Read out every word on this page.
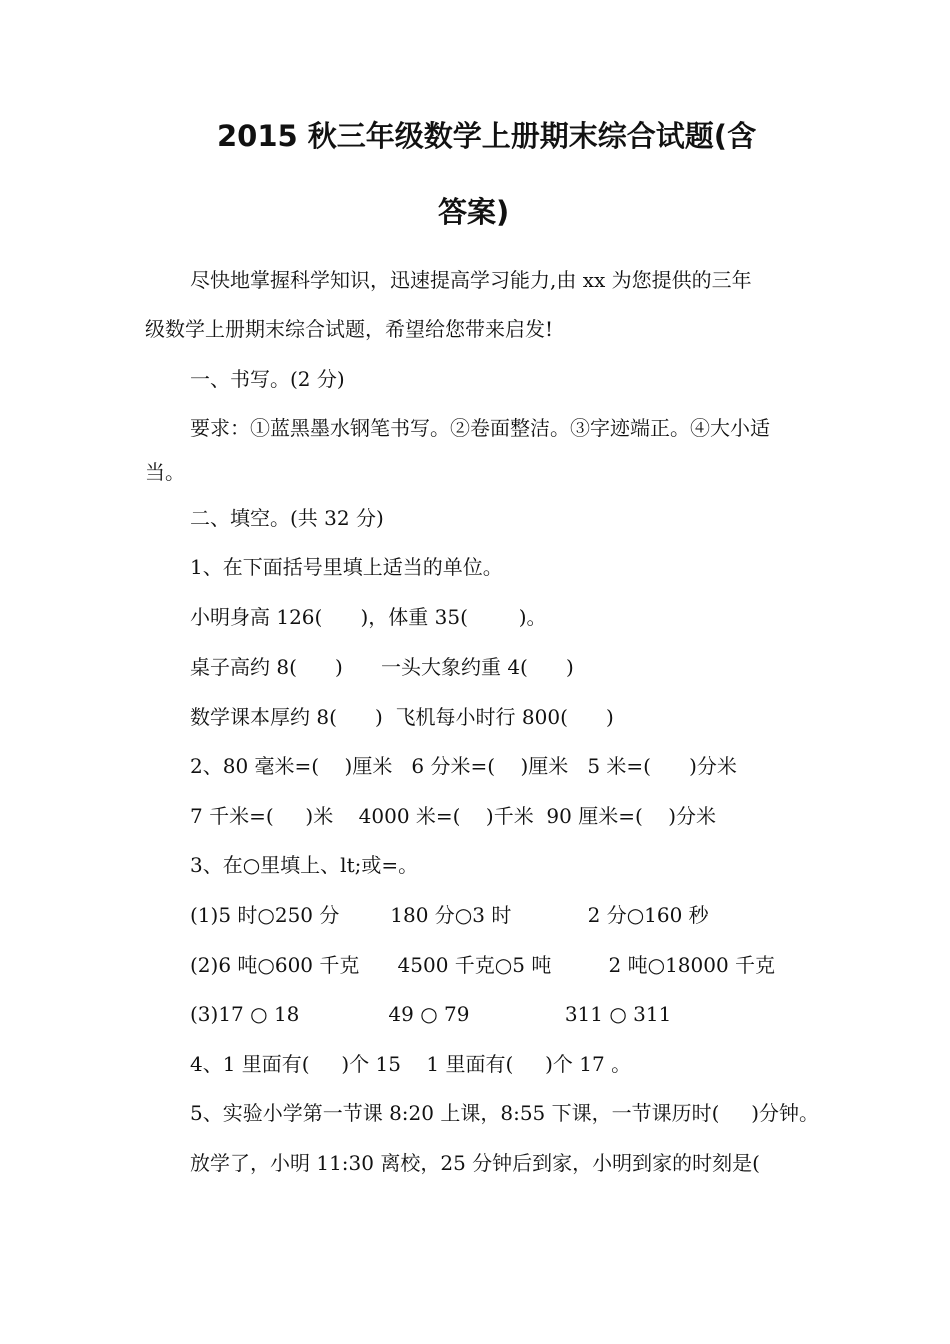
2015 秋三年级数学上册期末综合试题(含
答案)
尽快地掌握科学知识，迅速提高学习能力,由 xx 为您提供的三年
级数学上册期末综合试题，希望给您带来启发!
一、书写。(2 分)
要求：①蓝黑墨水钢笔书写。②卷面整洁。③字迹端正。④大小适
当。
二、填空。(共 32 分)
1、在下面括号里填上适当的单位。
小明身高 126(      )，体重 35(        )。
桌子高约 8(      )      一头大象约重 4(      )
数学课本厚约 8(      )  飞机每小时行 800(      )
2、80 毫米=(    )厘米   6 分米=(    )厘米   5 米=(      )分米
7 千米=(     )米    4000 米=(    )千米  90 厘米=(    )分米
3、在○里填上、lt;或=。
(1)5 时○250 分        180 分○3 时            2 分○160 秒
(2)6 吨○600 千克      4500 千克○5 吨         2 吨○18000 千克
(3)17 ○ 18              49 ○ 79               311 ○ 311
4、1 里面有(     )个 15    1 里面有(     )个 17 。
5、实验小学第一节课 8:20 上课，8:55 下课，一节课历时(     )分钟。
放学了，小明 11:30 离校，25 分钟后到家，小明到家的时刻是(
